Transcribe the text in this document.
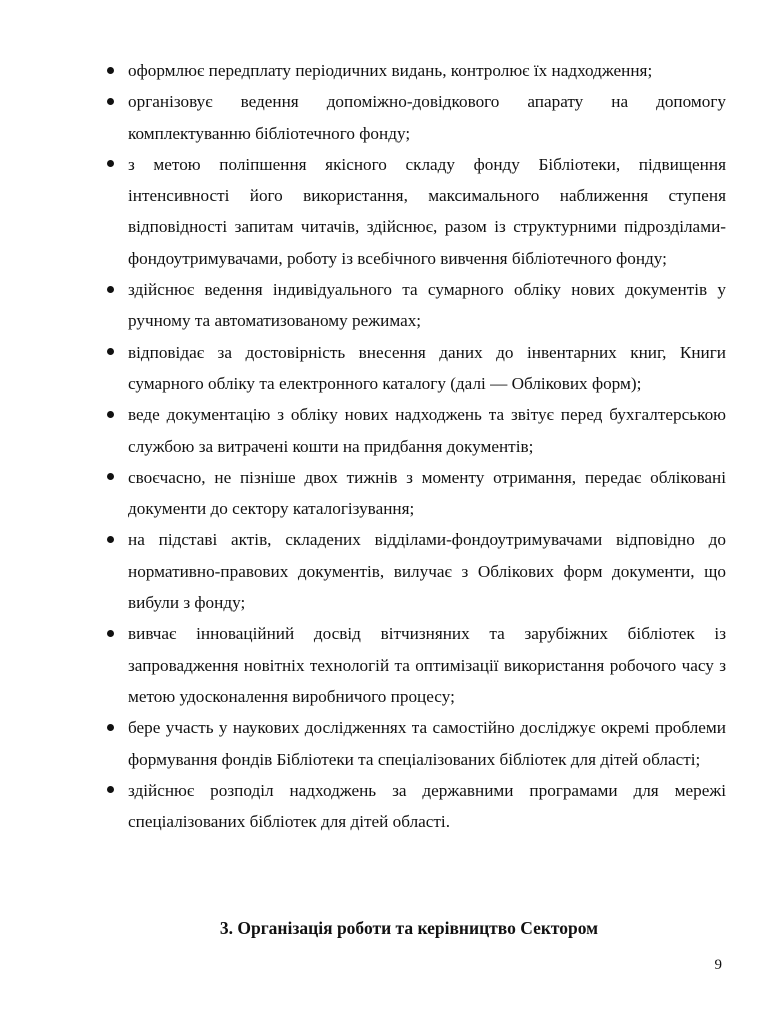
оформлює передплату періодичних видань, контролює їх надходження;
організовує ведення допоміжно-довідкового апарату на допомогу комплектуванню бібліотечного фонду;
з метою поліпшення якісного складу фонду Бібліотеки, підвищення інтенсивності його використання, максимального наближення ступеня відповідності запитам читачів, здійснює, разом із структурними підрозділами-фондоутримувачами, роботу із всебічного вивчення бібліотечного фонду;
здійснює ведення індивідуального та сумарного обліку нових документів у ручному та автоматизованому режимах;
відповідає за достовірність внесення даних до інвентарних книг, Книги сумарного обліку та електронного каталогу (далі — Облікових форм);
веде документацію з обліку нових надходжень та звітує перед бухгалтерською службою за витрачені кошти на придбання документів;
своєчасно, не пізніше двох тижнів з моменту отримання, передає обліковані документи до сектору каталогізування;
на підставі актів, складених відділами-фондоутримувачами відповідно до нормативно-правових документів, вилучає з Облікових форм документи, що вибули з фонду;
вивчає інноваційний досвід вітчизняних та зарубіжних бібліотек із запровадження новітніх технологій та оптимізації використання робочого часу з метою удосконалення виробничого процесу;
бере участь у наукових дослідженнях та самостійно досліджує окремі проблеми формування фондів Бібліотеки та спеціалізованих бібліотек для дітей області;
здійснює розподіл надходжень за державними програмами для мережі спеціалізованих бібліотек для дітей області.
3. Організація роботи та керівництво Сектором
9
